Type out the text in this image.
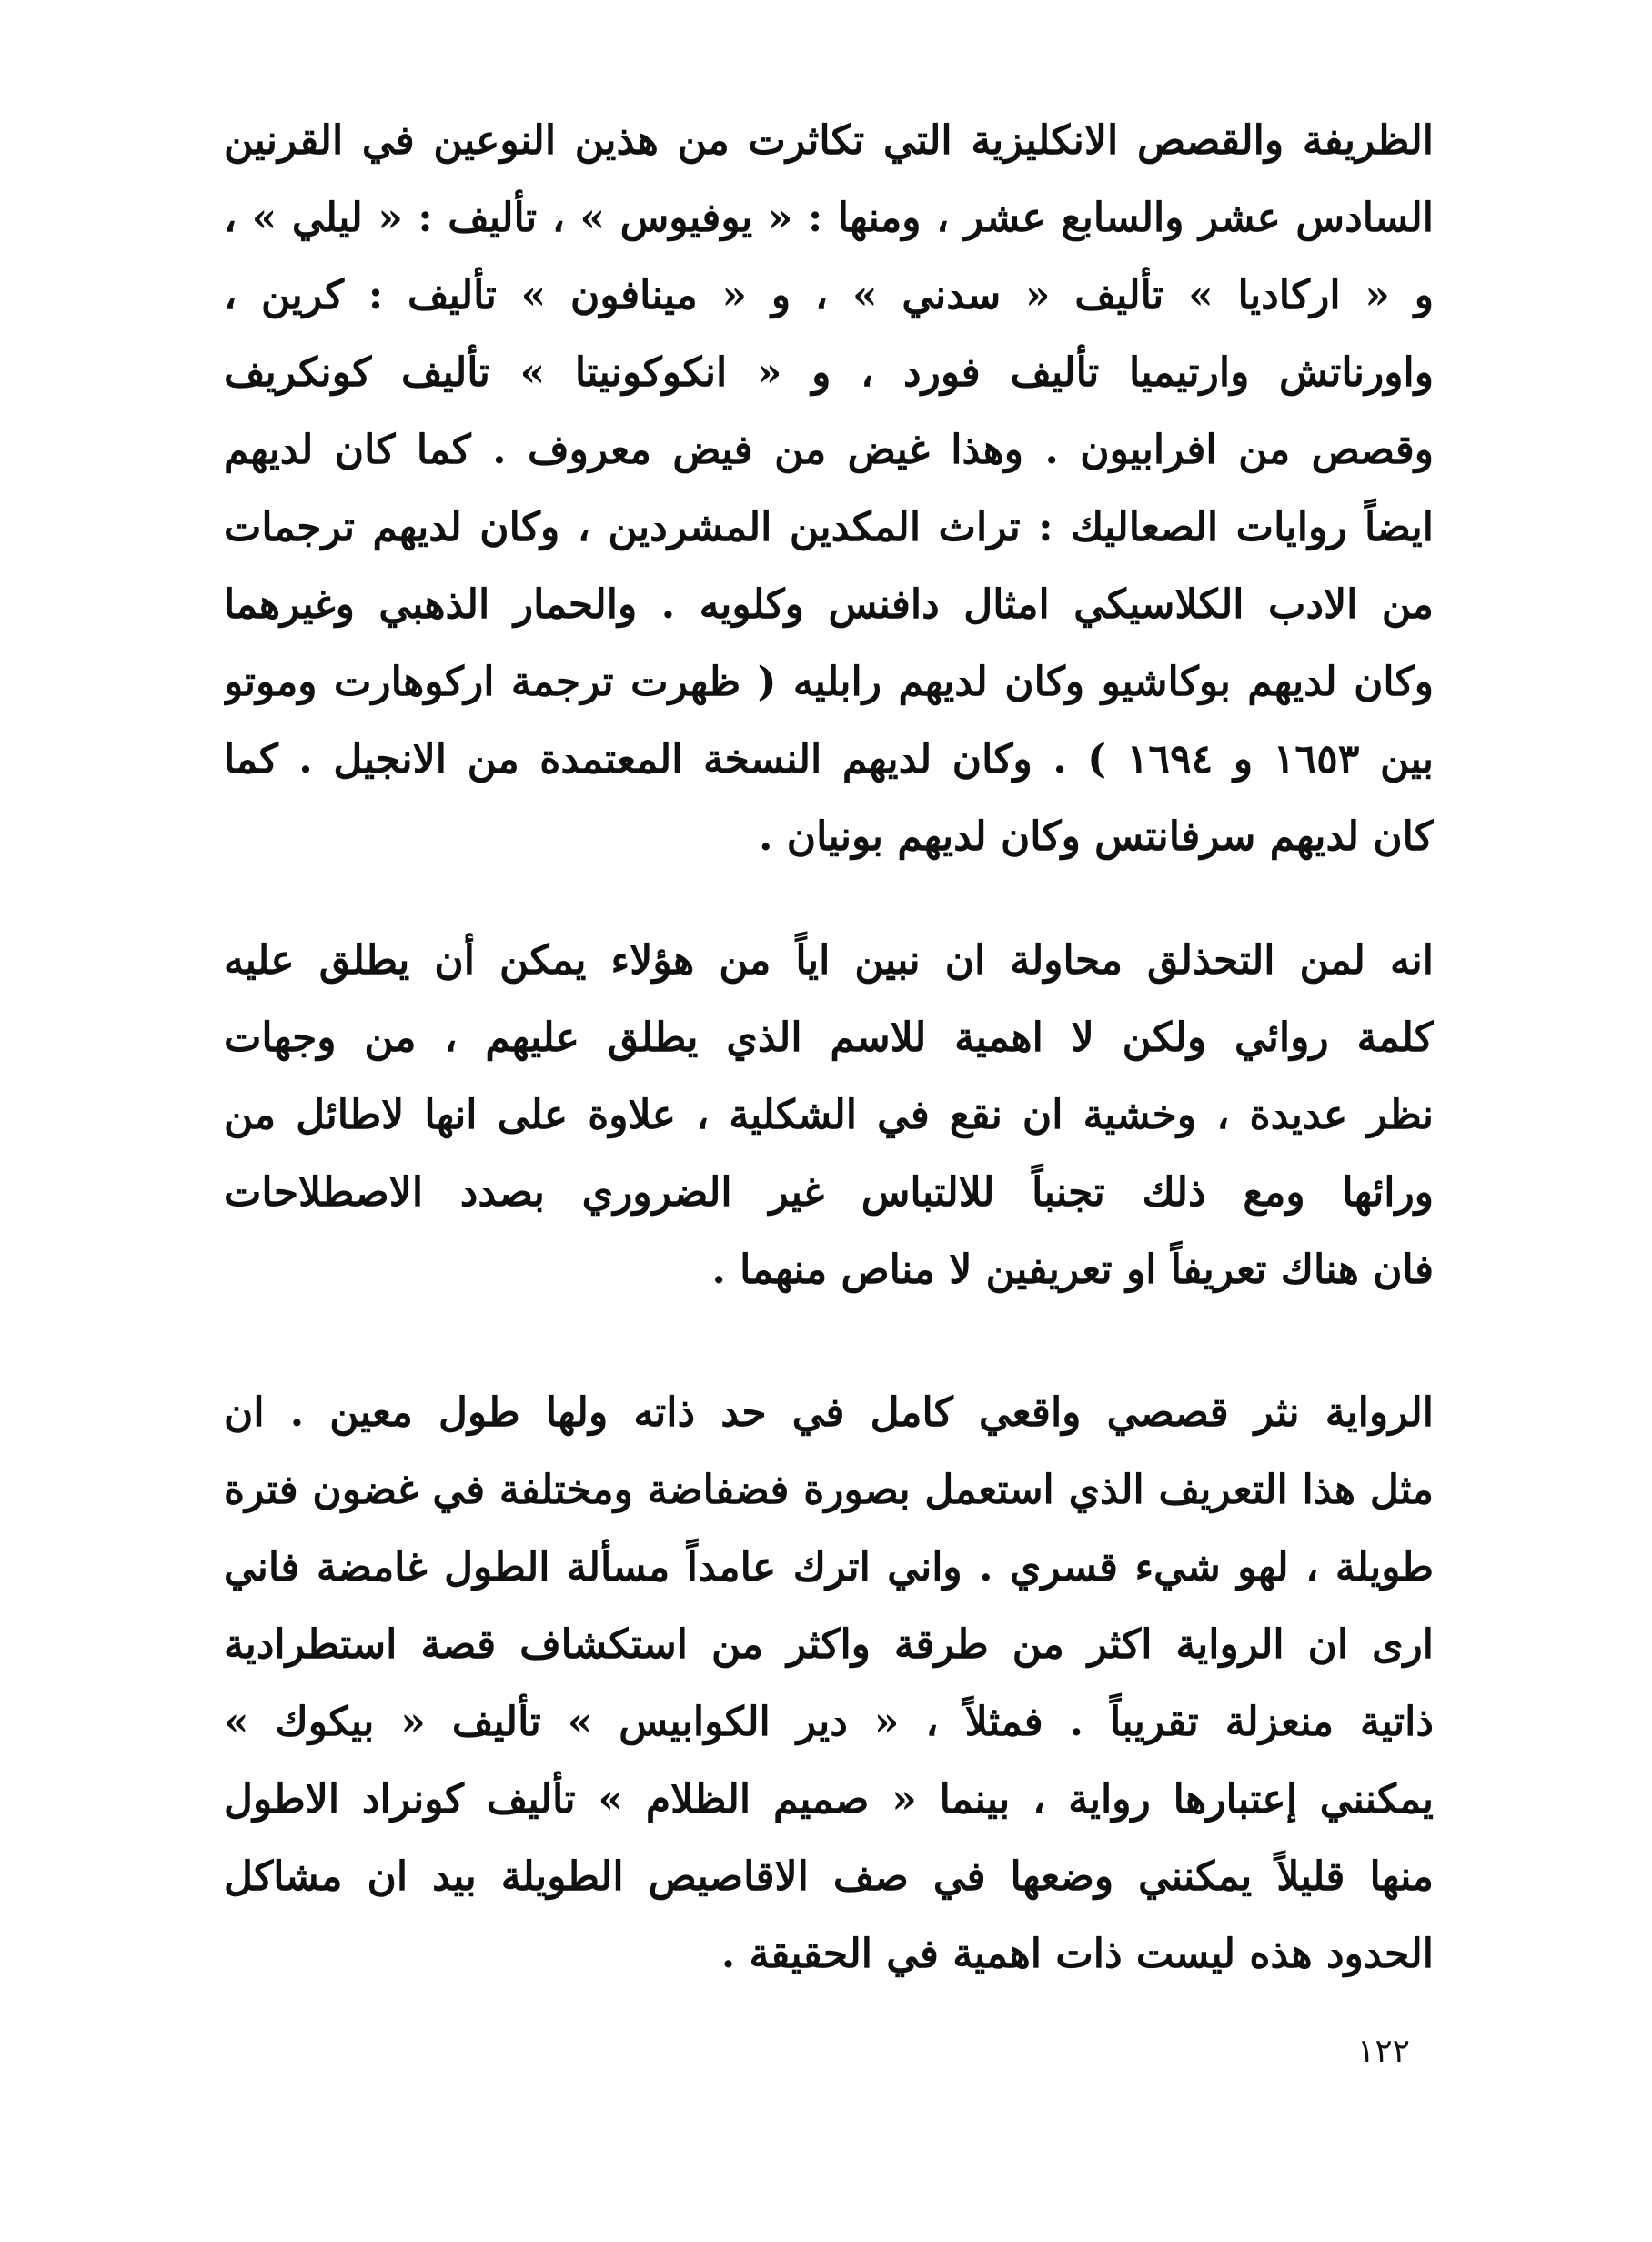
الظريفة والقصص الانكليزية التي تكاثرت من هذين النوعين في القرنين
السادس عشر والسابع عشر ، ومنها : « يوفيوس » ، تأليف : « ليلي » ،
و « اركاديا » تأليف « سدني » ، و « مينافون » تأليف : كرين ،
واورناتش وارتيميا تأليف فورد ، و « انكوكونيتا » تأليف كونكريف
وقصص من افرابيون . وهذا غيض من فيض معروف . كما كان لديهم
ايضاً روايات الصعاليك : تراث المكدين المشردين ، وكان لديهم ترجمات
من الادب الكلاسيكي امثال دافنس وكلويه . والحمار الذهبي وغيرهما
وكان لديهم بوكاشيو وكان لديهم رابليه ( ظهرت ترجمة اركوهارت وموتو
بين ١٦٥٣ و ١٦٩٤ ) . وكان لديهم النسخة المعتمدة من الانجيل . كما
كان لديهم سرفانتس وكان لديهم بونيان .
انه لمن التحذلق محاولة ان نبين اياً من هؤلاء يمكن أن يطلق عليه
كلمة روائي ولكن لا اهمية للاسم الذي يطلق عليهم ، من وجهات
نظر عديدة ، وخشية ان نقع في الشكلية ، علاوة على انها لاطائل من
ورائها ومع ذلك تجنباً للالتباس غير الضروري بصدد الاصطلاحات
فان هناك تعريفاً او تعريفين لا مناص منهما .
الرواية نثر قصصي واقعي كامل في حد ذاته ولها طول معين . ان
مثل هذا التعريف الذي استعمل بصورة فضفاضة ومختلفة في غضون فترة
طويلة ، لهو شيء قسري . واني اترك عامداً مسألة الطول غامضة فاني
ارى ان الرواية اكثر من طرقة واكثر من استكشاف قصة استطرادية
ذاتية منعزلة تقريباً . فمثلاً ، « دير الكوابيس » تأليف « بيكوك »
يمكنني إعتبارها رواية ، بينما « صميم الظلام » تأليف كونراد الاطول
منها قليلاً يمكنني وضعها في صف الاقاصيص الطويلة بيد ان مشاكل
الحدود هذه ليست ذات اهمية في الحقيقة .
١٢٢
